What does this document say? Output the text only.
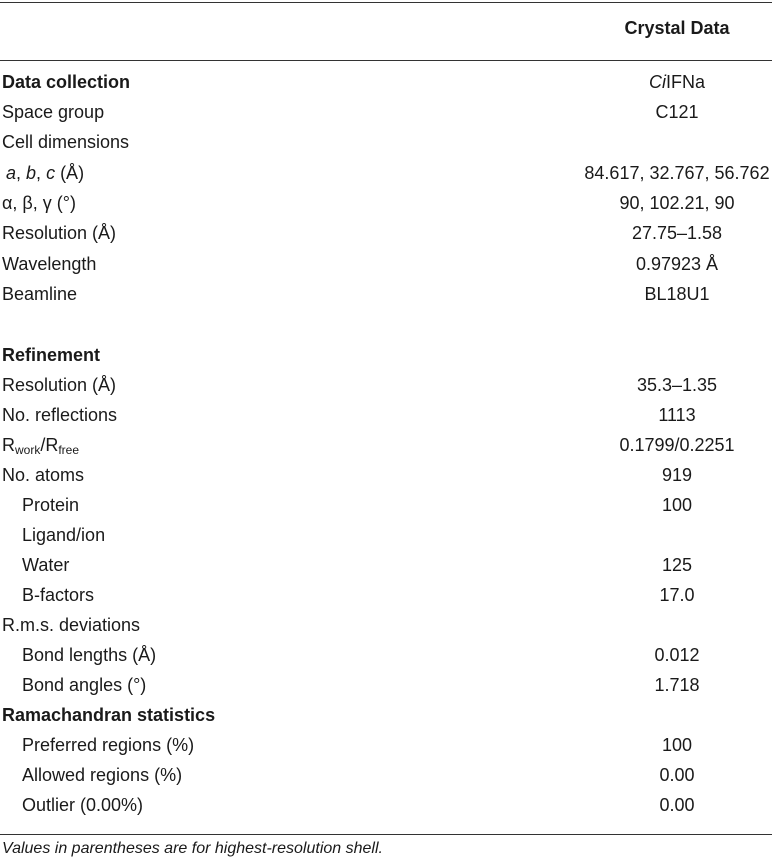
Crystal Data
Data collection	CiIFNa
Space group	C121
Cell dimensions
a, b, c (Å)	84.617, 32.767, 56.762
α, β, γ (°)	90, 102.21, 90
Resolution (Å)	27.75–1.58
Wavelength	0.97923 Å
Beamline	BL18U1
Refinement
Resolution (Å)	35.3–1.35
No. reflections	1113
$R_{work}/R_{free}$	0.1799/0.2251
No. atoms	919
Protein	100
Ligand/ion
Water	125
B-factors	17.0
R.m.s. deviations
Bond lengths (Å)	0.012
Bond angles (°)	1.718
Ramachandran statistics
Preferred regions (%)	100
Allowed regions (%)	0.00
Outlier (0.00%)	0.00
Values in parentheses are for highest-resolution shell.
